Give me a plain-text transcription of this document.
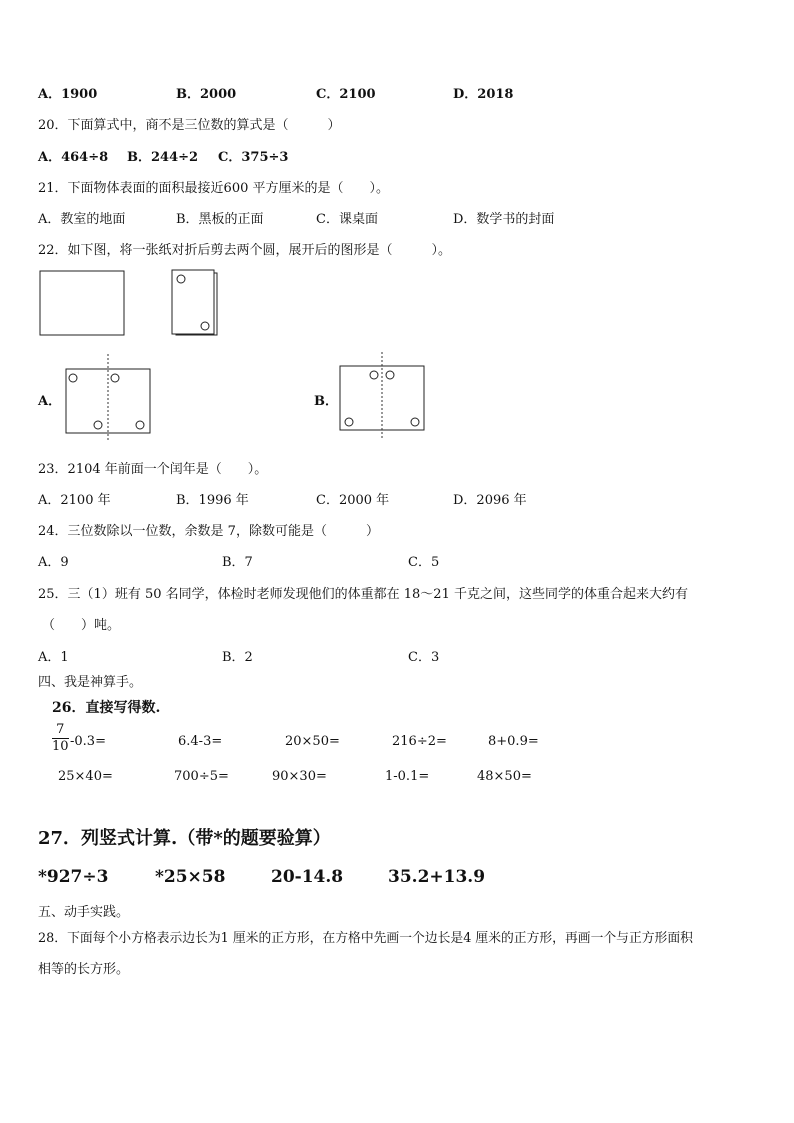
A．1900	B．2000	C．2100	D．2018
20．下面算式中，商不是三位数的算式是（　　　）
A．464÷8 B．244÷2 C．375÷3
21．下面物体表面的面积最接近600 平方厘米的是（　　）。
A．教室的地面	B．黑板的正面	C．课桌面	D．数学书的封面
22．如下图，将一张纸对折后剪去两个圆，展开后的图形是（　　　）。
A．	B．
23．2104 年前面一个闰年是（　　）。
A．2100 年	B．1996 年	C．2000 年	D．2096 年
24．三位数除以一位数，余数是 7，除数可能是（　　　）
A．9	B．7	C．5
25．三（1）班有 50 名同学，体检时老师发现他们的体重都在 18～21 千克之间，这些同学的体重合起来大约有
（　　）吨。
A．1	B．2	C．3
四、我是神算手。
26．直接写得数.
$\frac{7}{10} -0.3=$	6.4-3=	20×50=	216÷2=	8+0.9=
25×40=	700÷5=	90×30=	1-0.1=	48×50=
27．列竖式计算.（带*的题要验算）
*927÷3	*25×58	20-14.8	35.2+13.9
五、动手实践。
28．下面每个小方格表示边长为1 厘米的正方形，在方格中先画一个边长是4 厘米的正方形，再画一个与正方形面积
相等的长方形。
